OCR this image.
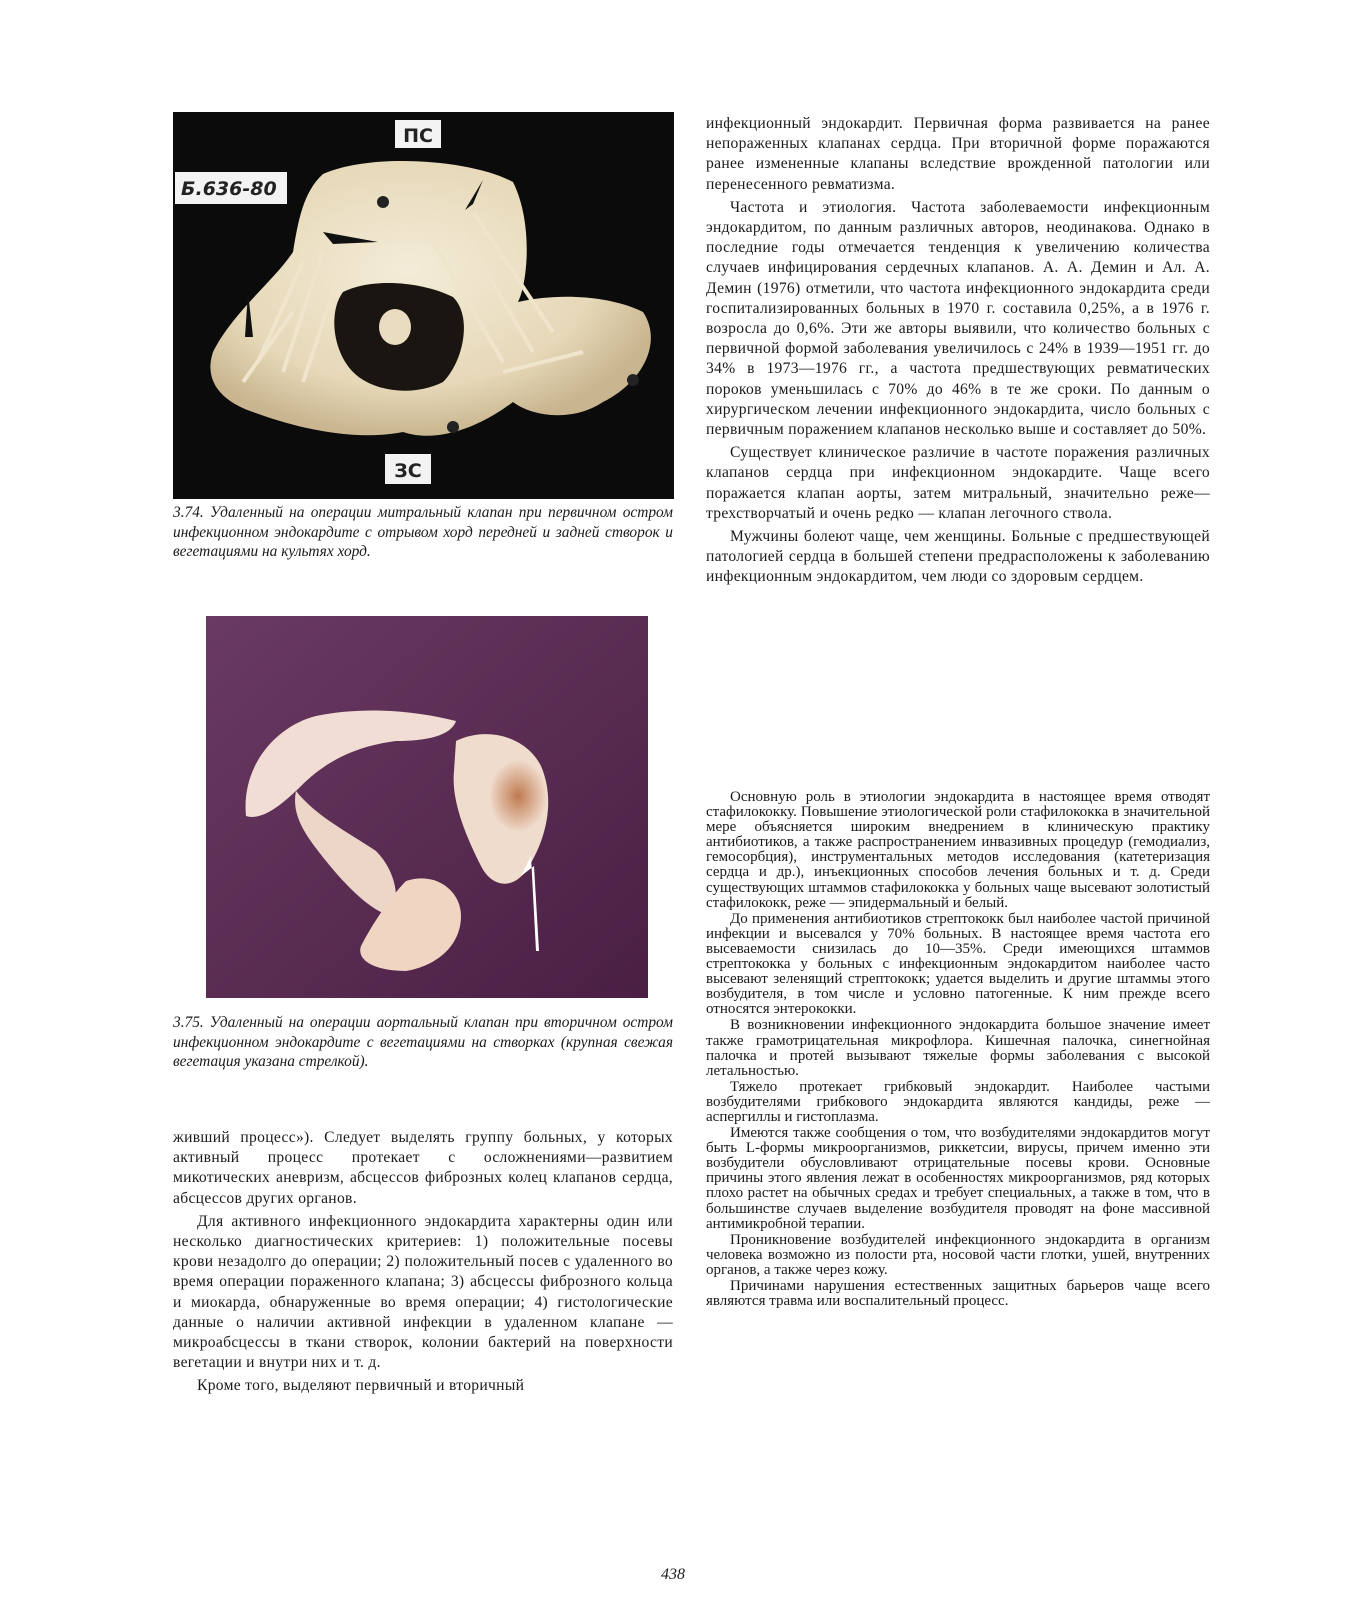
ПС
ЗС
Б.636-80
3.74. Удаленный на операции митральный клапан при первичном остром инфекционном эндокардите с отрывом хорд передней и задней створок и вегетациями на культях хорд.
3.75. Удаленный на операции аортальный клапан при вторичном остром инфекционном эндокардите с вегетациями на створках (крупная свежая вегетация указана стрелкой).

живший процесс»). Следует выделять группу больных, у которых активный процесс протекает с осложнениями—развитием микотических аневризм, абсцессов фиброзных колец клапанов сердца, абсцессов других органов.

Для активного инфекционного эндокардита характерны один или несколько диагностических критериев: 1) положительные посевы крови незадолго до операции; 2) положительный посев с удаленного во время операции пораженного клапана; 3) абсцессы фиброзного кольца и миокарда, обнаруженные во время операции; 4) гистологические данные о наличии активной инфекции в удаленном клапане — микроабсцессы в ткани створок, колонии бактерий на поверхности вегетации и внутри них и т. д.

Кроме того, выделяют первичный и вторичный

инфекционный эндокардит. Первичная форма развивается на ранее непораженных клапанах сердца. При вторичной форме поражаются ранее измененные клапаны вследствие врожденной патологии или перенесенного ревматизма.

Частота и этиология. Частота заболеваемости инфекционным эндокардитом, по данным различных авторов, неодинакова. Однако в последние годы отмечается тенденция к увеличению количества случаев инфицирования сердечных клапанов. А. А. Демин и Ал. А. Демин (1976) отметили, что частота инфекционного эндокардита среди госпитализированных больных в 1970 г. составила 0,25%, а в 1976 г. возросла до 0,6%. Эти же авторы выявили, что количество больных с первичной формой заболевания увеличилось с 24% в 1939—1951 гг. до 34% в 1973—1976 гг., а частота предшествующих ревматических пороков уменьшилась с 70% до 46% в те же сроки. По данным о хирургическом лечении инфекционного эндокардита, число больных с первичным поражением клапанов несколько выше и составляет до 50%.

Существует клиническое различие в частоте поражения различных клапанов сердца при инфекционном эндокардите. Чаще всего поражается клапан аорты, затем митральный, значительно реже—трехстворчатый и очень редко — клапан легочного ствола.

Мужчины болеют чаще, чем женщины. Больные с предшествующей патологией сердца в большей степени предрасположены к заболеванию инфекционным эндокардитом, чем люди со здоровым сердцем.

Основную роль в этиологии эндокардита в настоящее время отводят стафилококку. Повышение этиологической роли стафилококка в значительной мере объясняется широким внедрением в клиническую практику антибиотиков, а также распространением инвазивных процедур (гемодиализ, гемосорбция), инструментальных методов исследования (катетеризация сердца и др.), инъекционных способов лечения больных и т. д. Среди существующих штаммов стафилококка у больных чаще высевают золотистый стафилококк, реже — эпидермальный и белый.

До применения антибиотиков стрептококк был наиболее частой причиной инфекции и высевался у 70% больных. В настоящее время частота его высеваемости снизилась до 10—35%. Среди имеющихся штаммов стрептококка у больных с инфекционным эндокардитом наиболее часто высевают зеленящий стрептококк; удается выделить и другие штаммы этого возбудителя, в том числе и условно патогенные. К ним прежде всего относятся энтерококки.

В возникновении инфекционного эндокардита большое значение имеет также грамотрицательная микрофлора. Кишечная палочка, синегнойная палочка и протей вызывают тяжелые формы заболевания с высокой летальностью.

Тяжело протекает грибковый эндокардит. Наиболее частыми возбудителями грибкового эндокардита являются кандиды, реже — аспергиллы и гистоплазма.

Имеются также сообщения о том, что возбудителями эндокардитов могут быть L-формы микроорганизмов, риккетсии, вирусы, причем именно эти возбудители обусловливают отрицательные посевы крови. Основные причины этого явления лежат в особенностях микроорганизмов, ряд которых плохо растет на обычных средах и требует специальных, а также в том, что в большинстве случаев выделение возбудителя проводят на фоне массивной антимикробной терапии.

Проникновение возбудителей инфекционного эндокардита в организм человека возможно из полости рта, носовой части глотки, ушей, внутренних органов, а также через кожу.

Причинами нарушения естественных защитных барьеров чаще всего являются травма или воспалительный процесс.

438
